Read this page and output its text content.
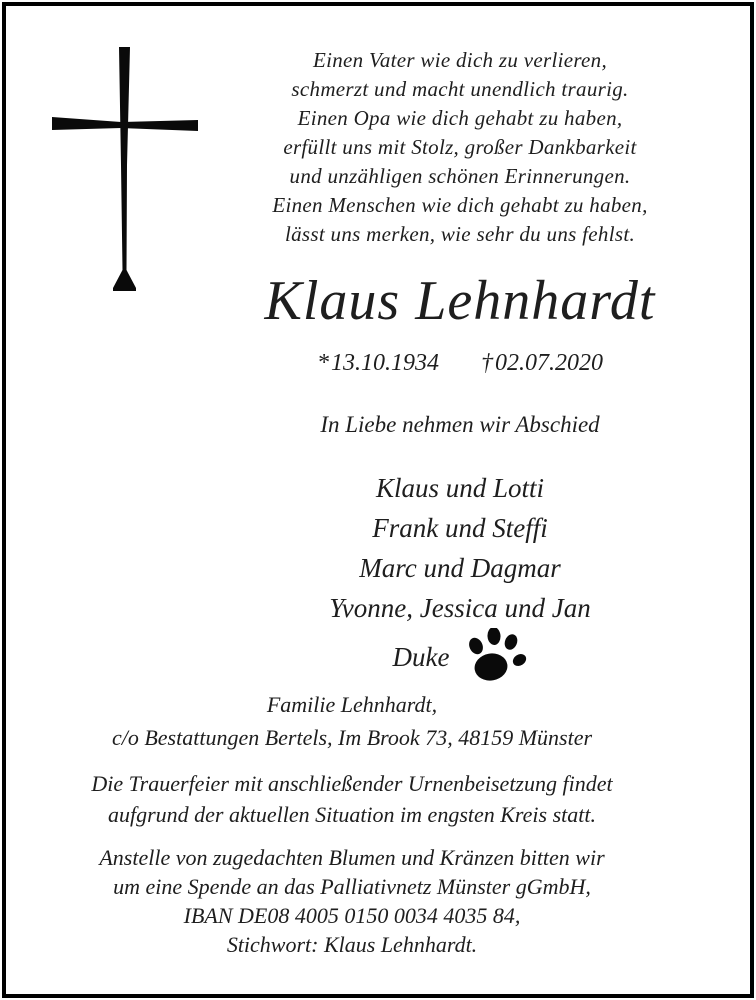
Einen Vater wie dich zu verlieren,
schmerzt und macht unendlich traurig.
Einen Opa wie dich gehabt zu haben,
erfüllt uns mit Stolz, großer Dankbarkeit
und unzähligen schönen Erinnerungen.
Einen Menschen wie dich gehabt zu haben,
lässt uns merken, wie sehr du uns fehlst.
Klaus Lehnhardt
* 13.10.1934 † 02.07.2020
In Liebe nehmen wir Abschied
Klaus und Lotti
Frank und Steffi
Marc und Dagmar
Yvonne, Jessica und Jan
Duke
Familie Lehnhardt,
c/o Bestattungen Bertels, Im Brook 73, 48159 Münster
Die Trauerfeier mit anschließender Urnenbeisetzung findet
aufgrund der aktuellen Situation im engsten Kreis statt.
Anstelle von zugedachten Blumen und Kränzen bitten wir
um eine Spende an das Palliativnetz Münster gGmbH,
IBAN DE08 4005 0150 0034 4035 84,
Stichwort: Klaus Lehnhardt.
